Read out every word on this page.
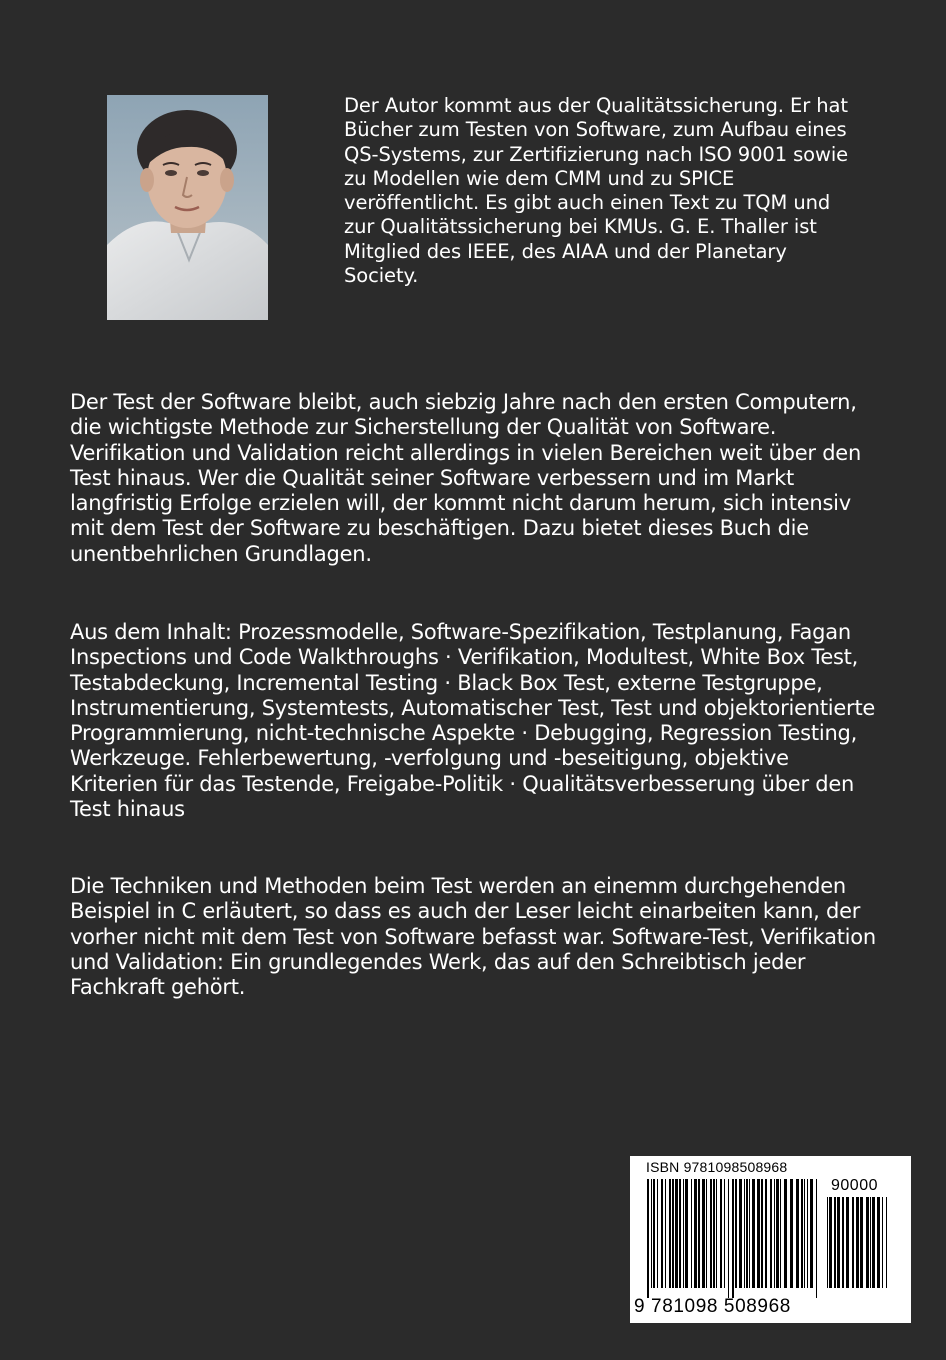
Der Autor kommt aus der Qualitätssicherung. Er hat Bücher zum Testen von Software, zum Aufbau eines QS-Systems, zur Zertifizierung nach ISO 9001 sowie zu Modellen wie dem CMM und zu SPICE veröffentlicht. Es gibt auch einen Text zu TQM und zur Qualitätssicherung bei KMUs. G. E. Thaller ist Mitglied des IEEE, des AIAA und der Planetary Society.

Der Test der Software bleibt, auch siebzig Jahre nach den ersten Computern, die wichtigste Methode zur Sicherstellung der Qualität von Software. Verifikation und Validation reicht allerdings in vielen Bereichen weit über den Test hinaus. Wer die Qualität seiner Software verbessern und im Markt langfristig Erfolge erzielen will, der kommt nicht darum herum, sich intensiv mit dem Test der Software zu beschäftigen. Dazu bietet dieses Buch die unentbehrlichen Grundlagen.

Aus dem Inhalt: Prozessmodelle, Software-Spezifikation, Testplanung, Fagan Inspections und Code Walkthroughs · Verifikation, Modultest, White Box Test, Testabdeckung, Incremental Testing · Black Box Test, externe Testgruppe, Instrumentierung, Systemtests, Automatischer Test, Test und objektorientierte Programmierung, nicht-technische Aspekte · Debugging, Regression Testing, Werkzeuge. Fehlerbewertung, -verfolgung und -beseitigung, objektive Kriterien für das Testende, Freigabe-Politik · Qualitätsverbesserung über den Test hinaus

Die Techniken und Methoden beim Test werden an einemm durchgehenden Beispiel in C erläutert, so dass es auch der Leser leicht einarbeiten kann, der vorher nicht mit dem Test von Software befasst war. Software-Test, Verifikation und Validation: Ein grundlegendes Werk, das auf den Schreibtisch jeder Fachkraft gehört.

ISBN 9781098508968
90000
9 781098 508968
